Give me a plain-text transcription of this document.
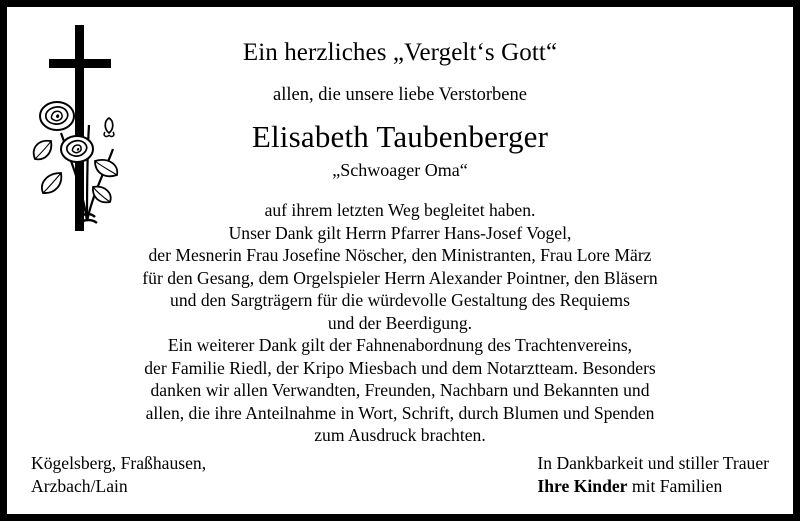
Ein herzliches „Vergelt‘s Gott“
allen, die unsere liebe Verstorbene
Elisabeth Taubenberger
„Schwoager Oma“
auf ihrem letzten Weg begleitet haben.
Unser Dank gilt Herrn Pfarrer Hans-Josef Vogel,
der Mesnerin Frau Josefine Nöscher, den Ministranten, Frau Lore März
für den Gesang, dem Orgelspieler Herrn Alexander Pointner, den Bläsern
und den Sargträgern für die würdevolle Gestaltung des Requiems
und der Beerdigung.
Ein weiterer Dank gilt der Fahnenabordnung des Trachtenvereins,
der Familie Riedl, der Kripo Miesbach und dem Notarztteam. Besonders
danken wir allen Verwandten, Freunden, Nachbarn und Bekannten und
allen, die ihre Anteilnahme in Wort, Schrift, durch Blumen und Spenden
zum Ausdruck brachten.
Kögelsberg, Fraßhausen,
Arzbach/Lain
In Dankbarkeit und stiller Trauer
Ihre Kinder mit Familien
